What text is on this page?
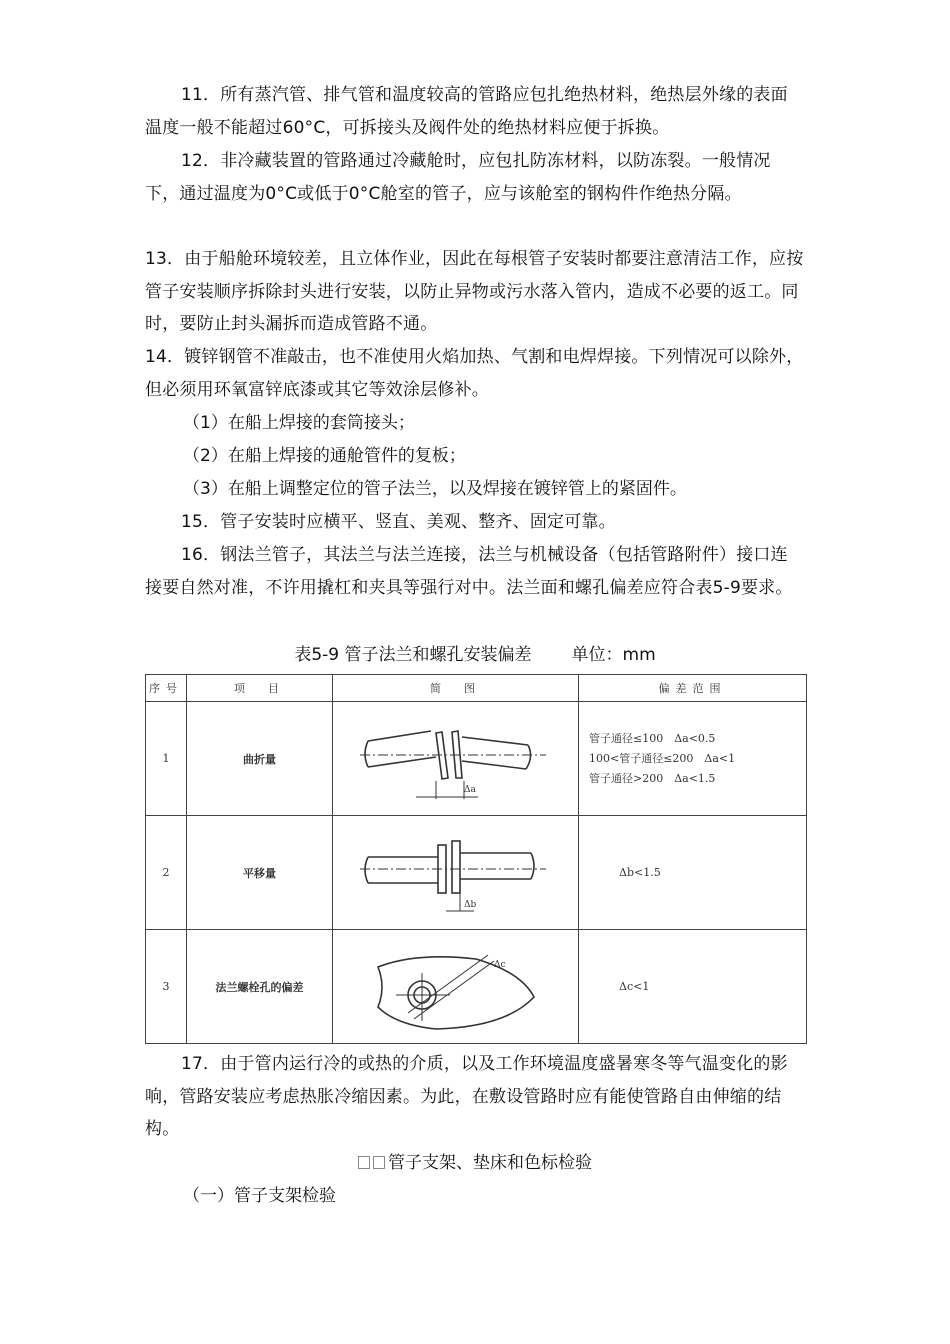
11．所有蒸汽管、排气管和温度较高的管路应包扎绝热材料，绝热层外缘的表面温度一般不能超过60°C，可拆接头及阀件处的绝热材料应便于拆换。

12．非冷藏装置的管路通过冷藏舱时，应包扎防冻材料，以防冻裂。一般情况下，通过温度为0°C或低于0°C舱室的管子，应与该舱室的钢构件作绝热分隔。

13．由于船舱环境较差，且立体作业，因此在每根管子安装时都要注意清洁工作，应按管子安装顺序拆除封头进行安装，以防止异物或污水落入管内，造成不必要的返工。同时，要防止封头漏拆而造成管路不通。

14．镀锌钢管不准敲击，也不准使用火焰加热、气割和电焊焊接。下列情况可以除外，但必须用环氧富锌底漆或其它等效涂层修补。

（1）在船上焊接的套筒接头；

（2）在船上焊接的通舱管件的复板；

（3）在船上调整定位的管子法兰，以及焊接在镀锌管上的紧固件。

15．管子安装时应横平、竖直、美观、整齐、固定可靠。

16．钢法兰管子，其法兰与法兰连接，法兰与机械设备（包括管路附件）接口连接要自然对准，不许用撬杠和夹具等强行对中。法兰面和螺孔偏差应符合表5-9要求。

表5-9 管子法兰和螺孔安装偏差 单位：mm
序号	项　目	简　图	偏差范围
1	曲折量	Δa	管子通径≤100　Δa<0.5
100<管子通径≤200　Δa<1
管子通径>200　Δa<1.5

2	平移量	Δb	Δb<1.5

3	法兰螺栓孔的偏差	Δc	Δc<1

17．由于管内运行冷的或热的介质，以及工作环境温度盛暑寒冬等气温变化的影响，管路安装应考虑热胀冷缩因素。为此，在敷设管路时应有能使管路自由伸缩的结构。

管子支架、垫床和色标检验

（一）管子支架检验
